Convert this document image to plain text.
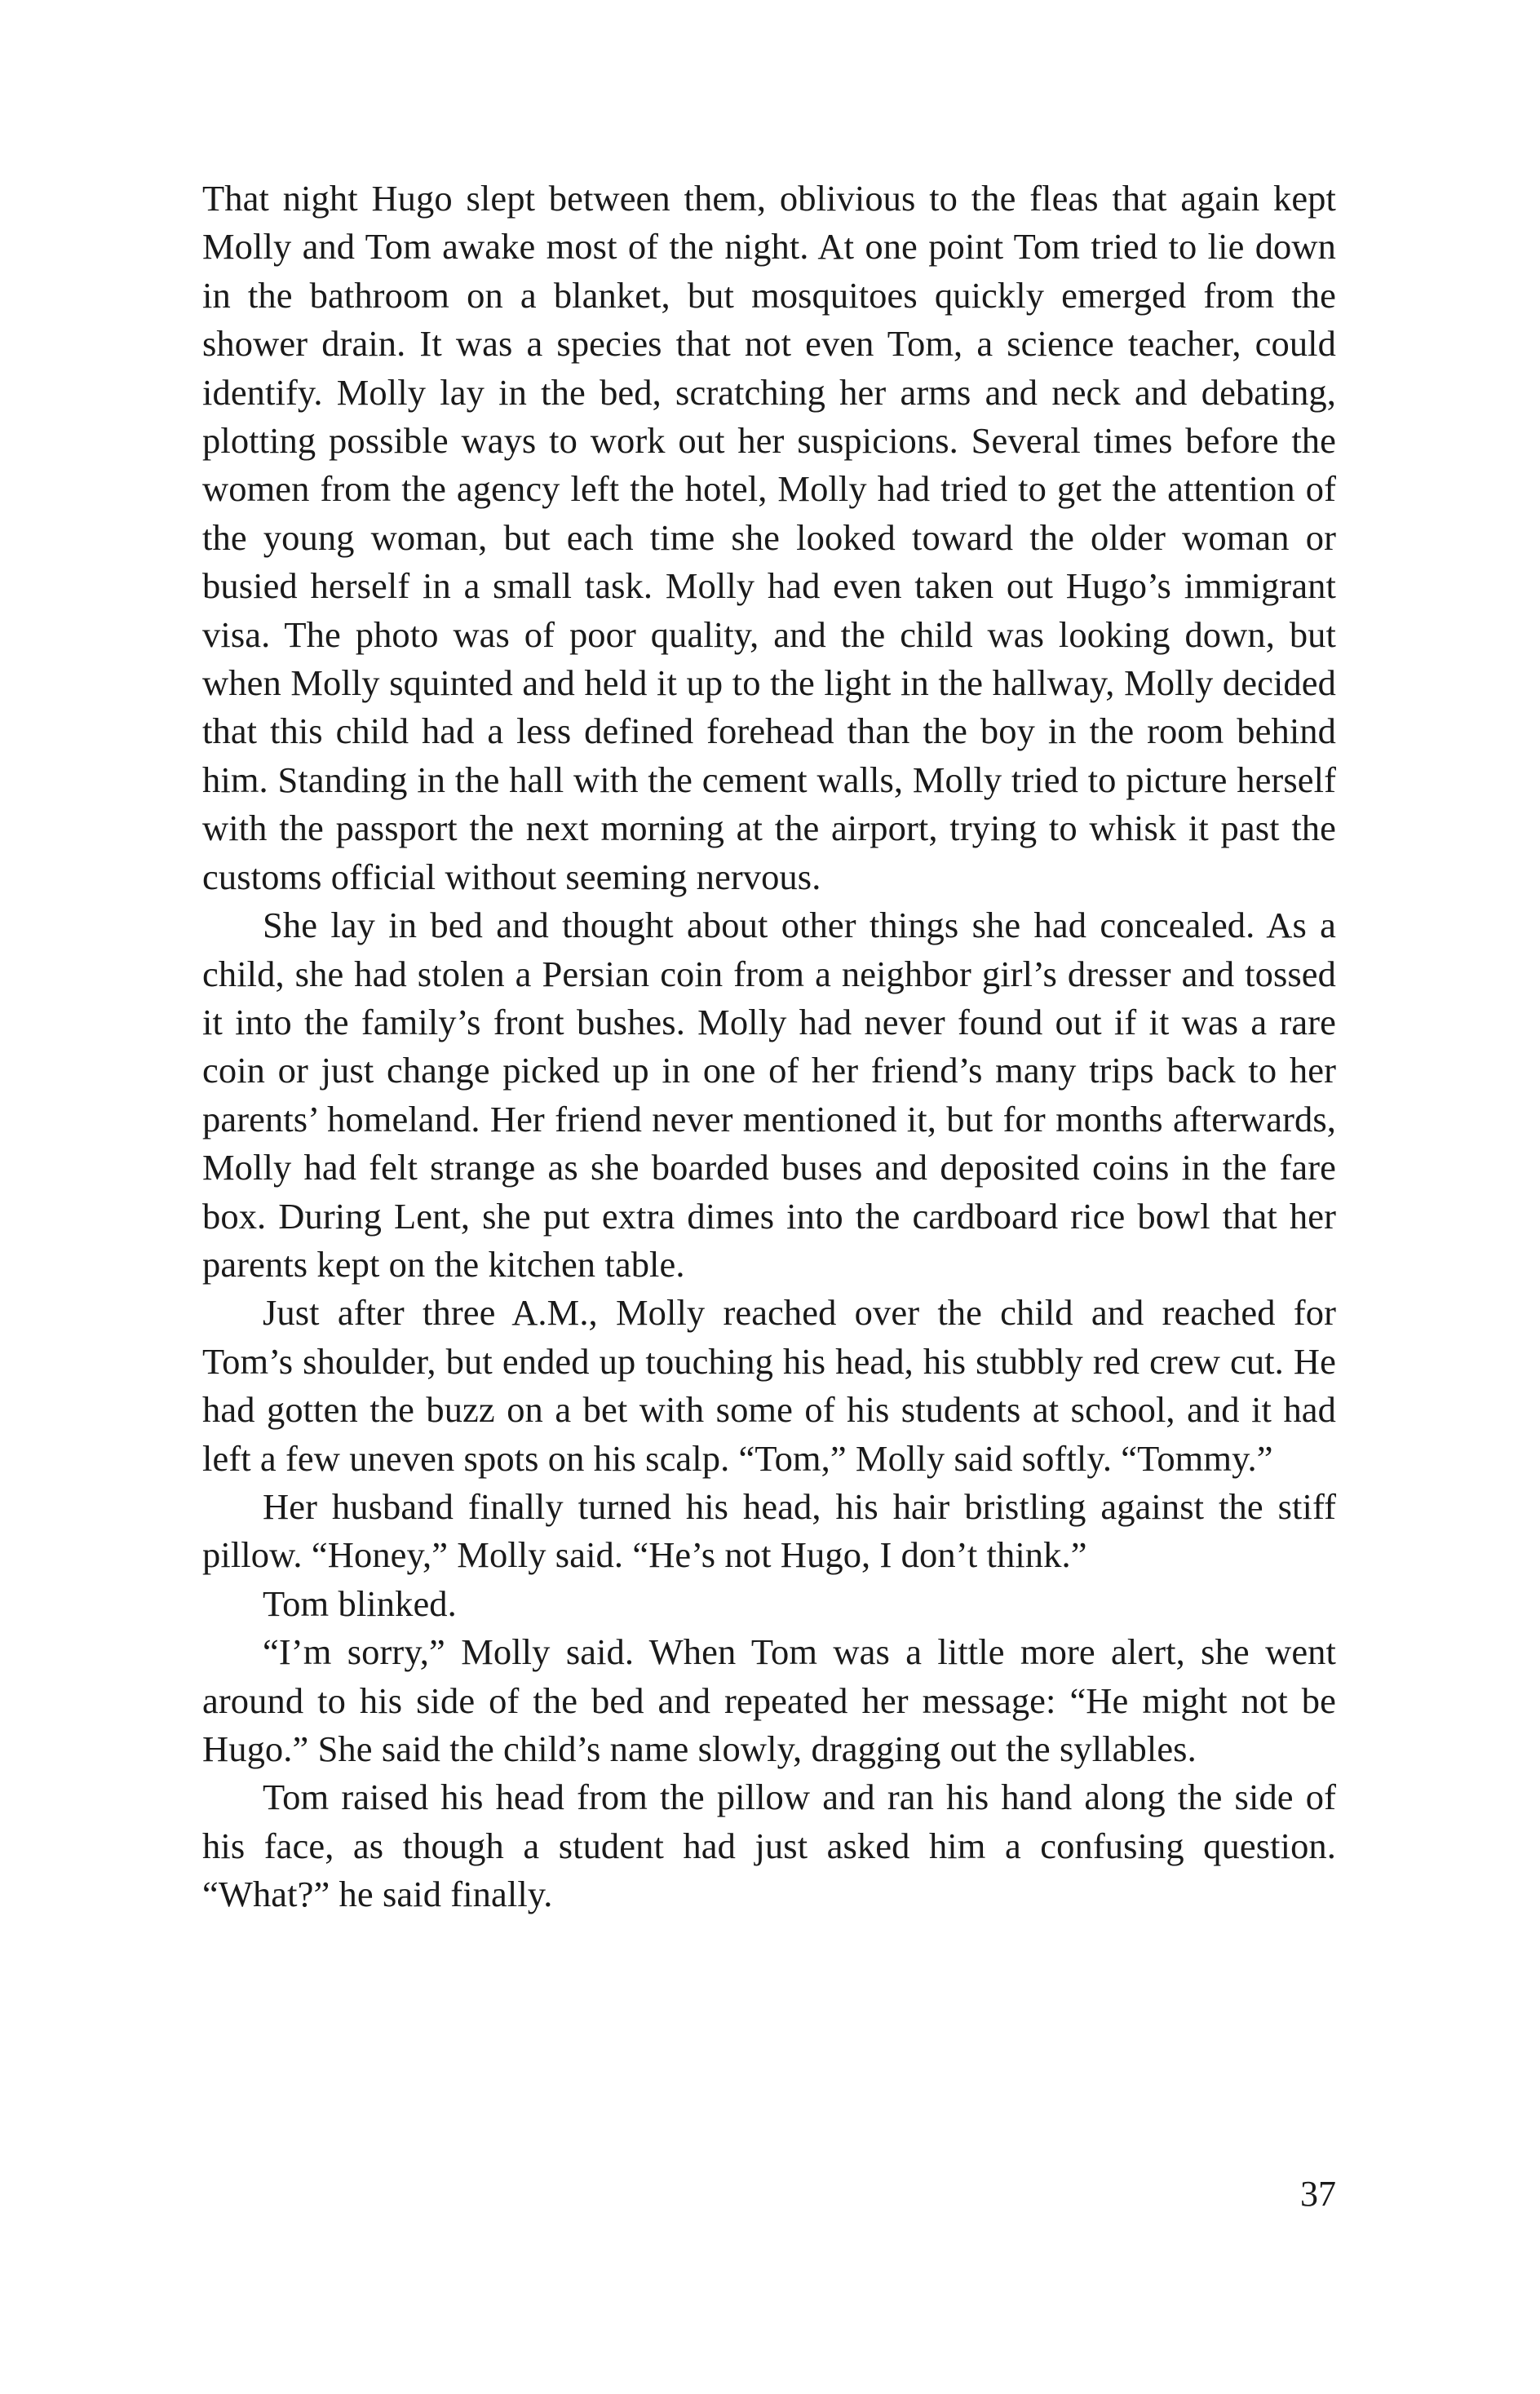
That night Hugo slept between them, oblivious to the fleas that again kept Molly and Tom awake most of the night. At one point Tom tried to lie down in the bathroom on a blanket, but mosquitoes quickly emerged from the shower drain. It was a species that not even Tom, a science teacher, could identify. Molly lay in the bed, scratching her arms and neck and debating, plotting possible ways to work out her suspicions. Several times before the women from the agency left the hotel, Molly had tried to get the attention of the young woman, but each time she looked toward the older woman or busied herself in a small task. Molly had even taken out Hugo’s immigrant visa. The photo was of poor quality, and the child was looking down, but when Molly squinted and held it up to the light in the hallway, Molly decided that this child had a less defined forehead than the boy in the room behind him. Standing in the hall with the cement walls, Molly tried to picture herself with the passport the next morning at the airport, trying to whisk it past the customs official without seeming nervous.

She lay in bed and thought about other things she had concealed. As a child, she had stolen a Persian coin from a neighbor girl’s dresser and tossed it into the family’s front bushes. Molly had never found out if it was a rare coin or just change picked up in one of her friend’s many trips back to her parents’ homeland. Her friend never mentioned it, but for months afterwards, Molly had felt strange as she boarded buses and deposited coins in the fare box. During Lent, she put extra dimes into the cardboard rice bowl that her parents kept on the kitchen table.

Just after three A.M., Molly reached over the child and reached for Tom’s shoulder, but ended up touching his head, his stubbly red crew cut. He had gotten the buzz on a bet with some of his students at school, and it had left a few uneven spots on his scalp. “Tom,” Molly said softly. “Tommy.”

Her husband finally turned his head, his hair bristling against the stiff pillow. “Honey,” Molly said. “He’s not Hugo, I don’t think.”

Tom blinked.

“I’m sorry,” Molly said. When Tom was a little more alert, she went around to his side of the bed and repeated her message: “He might not be Hugo.” She said the child’s name slowly, dragging out the syllables.

Tom raised his head from the pillow and ran his hand along the side of his face, as though a student had just asked him a confusing question. “What?” he said finally.

37
